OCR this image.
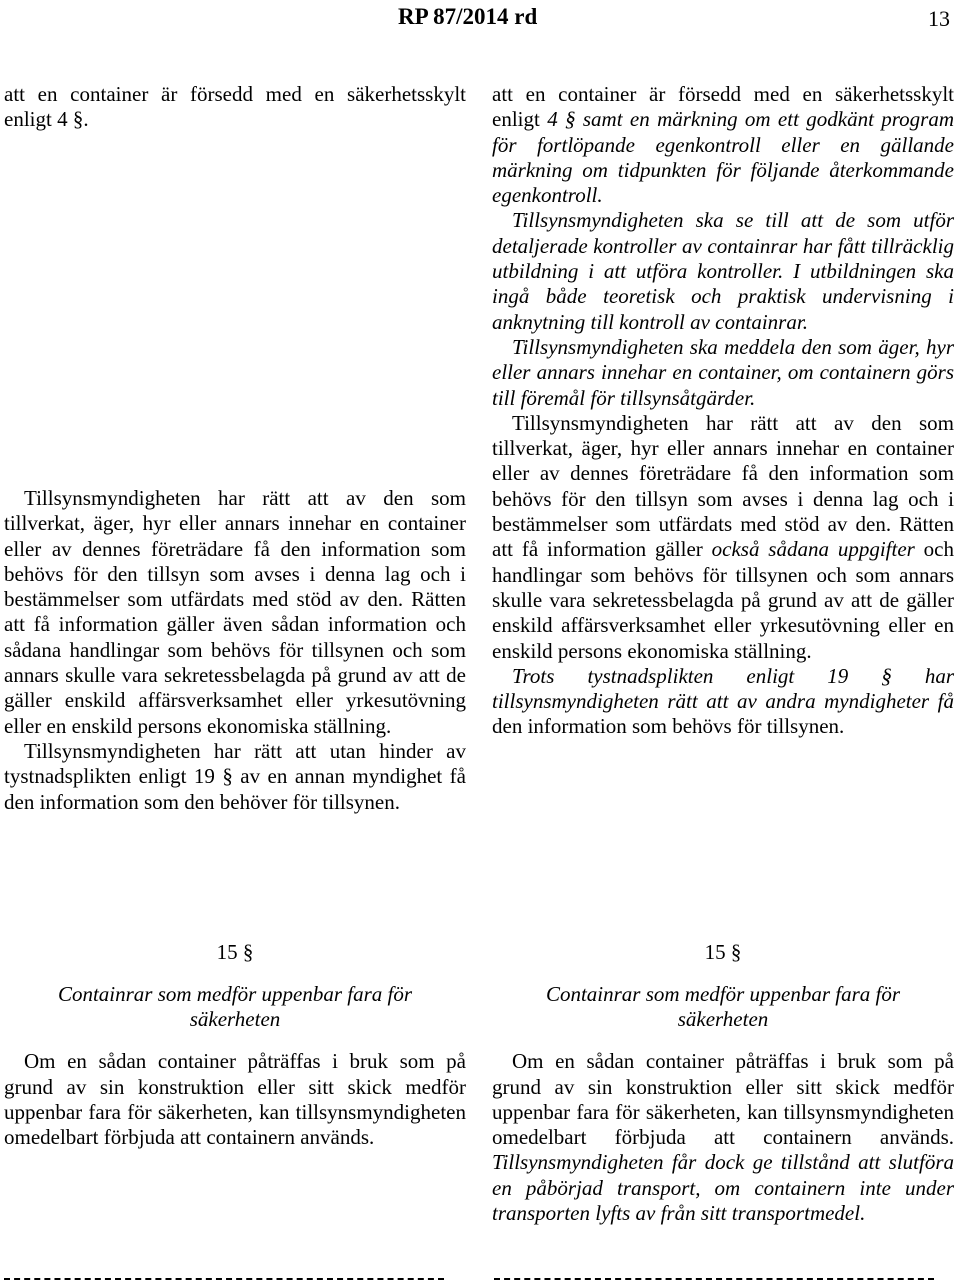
RP 87/2014 rd	13

att en container är försedd med en säkerhetsskylt enligt 4 §.

Tillsynsmyndigheten har rätt att av den som tillverkat, äger, hyr eller annars innehar en container eller av dennes företrädare få den information som behövs för den tillsyn som avses i denna lag och i bestämmelser som utfärdats med stöd av den. Rätten att få information gäller även sådan information och sådana handlingar som behövs för tillsynen och som annars skulle vara sekretessbelagda på grund av att de gäller enskild affärsverksamhet eller yrkesutövning eller en enskild persons ekonomiska ställning.

Tillsynsmyndigheten har rätt att utan hinder av tystnadsplikten enligt 19 § av en annan myndighet få den information som den behöver för tillsynen.

15 §

Containrar som medför uppenbar fara för säkerheten

Om en sådan container påträffas i bruk som på grund av sin konstruktion eller sitt skick medför uppenbar fara för säkerheten, kan tillsynsmyndigheten omedelbart förbjuda att containern används.

att en container är försedd med en säkerhetsskylt enligt 4 § samt en märkning om ett godkänt program för fortlöpande egenkontroll eller en gällande märkning om tidpunkten för följande återkommande egenkontroll.

Tillsynsmyndigheten ska se till att de som utför detaljerade kontroller av containrar har fått tillräcklig utbildning i att utföra kontroller. I utbildningen ska ingå både teoretisk och praktisk undervisning i anknytning till kontroll av containrar.

Tillsynsmyndigheten ska meddela den som äger, hyr eller annars innehar en container, om containern görs till föremål för tillsynsåtgärder.

Tillsynsmyndigheten har rätt att av den som tillverkat, äger, hyr eller annars innehar en container eller av dennes företrädare få den information som behövs för den tillsyn som avses i denna lag och i bestämmelser som utfärdats med stöd av den. Rätten att få information gäller också sådana uppgifter och handlingar som behövs för tillsynen och som annars skulle vara sekretessbelagda på grund av att de gäller enskild affärsverksamhet eller yrkesutövning eller en enskild persons ekonomiska ställning.

Trots tystnadsplikten enligt 19 § har tillsynsmyndigheten rätt att av andra myndigheter få den information som behövs för tillsynen.

15 §

Containrar som medför uppenbar fara för säkerheten

Om en sådan container påträffas i bruk som på grund av sin konstruktion eller sitt skick medför uppenbar fara för säkerheten, kan tillsynsmyndigheten omedelbart förbjuda att containern används. Tillsynsmyndigheten får dock ge tillstånd att slutföra en påbörjad transport, om containern inte under transporten lyfts av från sitt transportmedel.
